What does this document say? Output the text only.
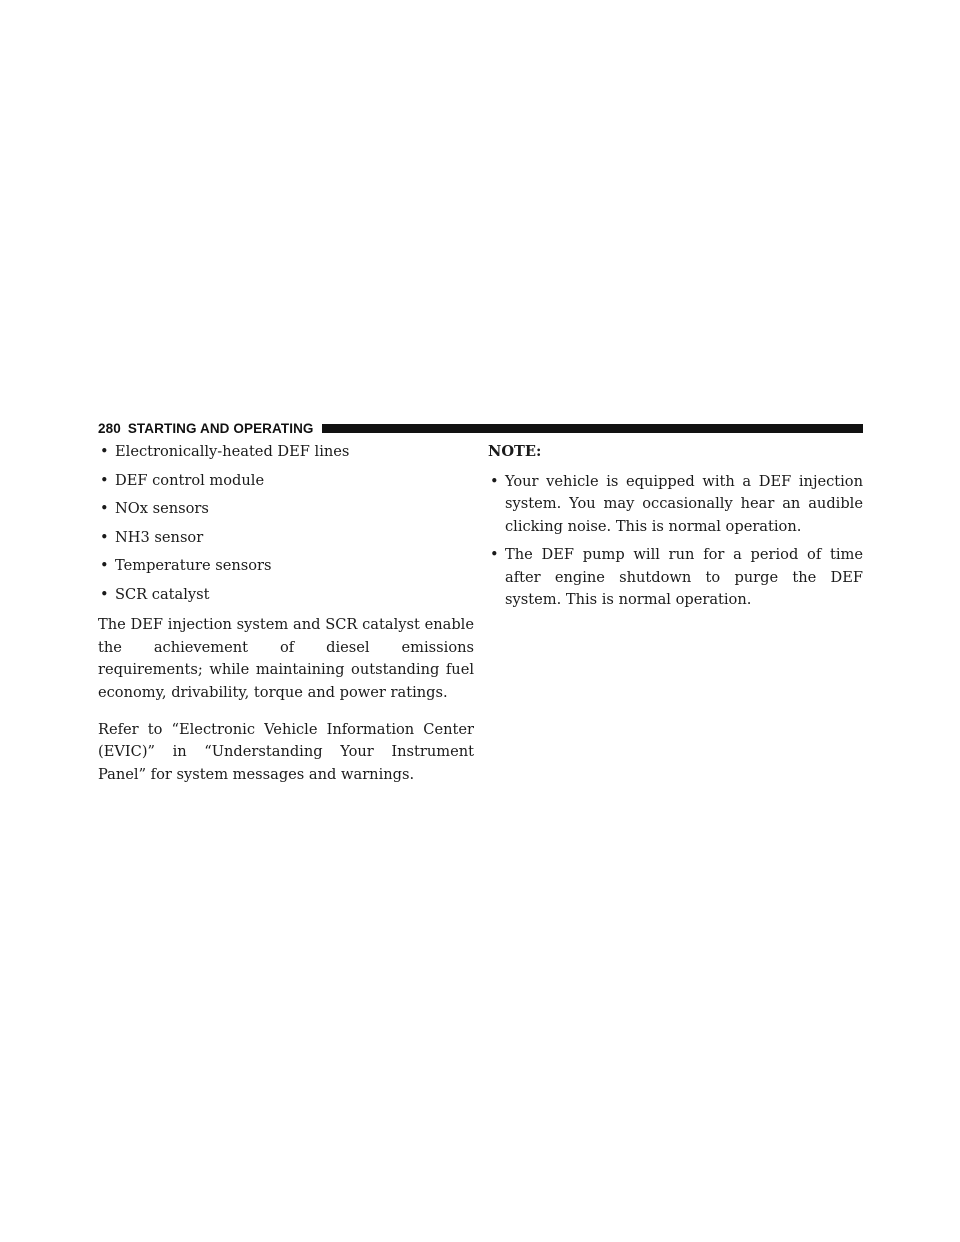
280 STARTING AND OPERATING
• Electronically-heated DEF lines
• DEF control module
• NOx sensors
• NH3 sensor
• Temperature sensors
• SCR catalyst

The DEF injection system and SCR catalyst enable the achievement of diesel emissions requirements; while maintaining outstanding fuel economy, drivability, torque and power ratings.

Refer to “Electronic Vehicle Information Center (EVIC)” in “Understanding Your Instrument Panel” for system messages and warnings.

NOTE:
• Your vehicle is equipped with a DEF injection system. You may occasionally hear an audible clicking noise. This is normal operation.
• The DEF pump will run for a period of time after engine shutdown to purge the DEF system. This is normal operation.
